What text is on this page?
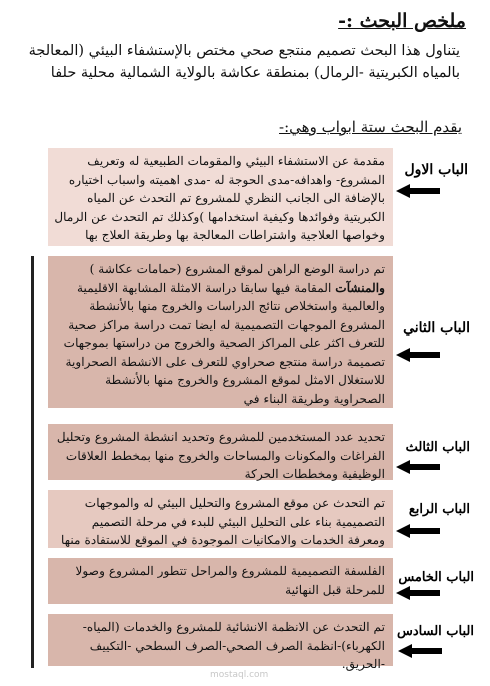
ملخص البحث :-
يتناول هذا البحث تصميم منتجع صحي مختص بالإستشفاء البيئي (المعالجة بالمياه الكبريتية -الرمال) بمنطقة عكاشة بالولاية الشمالية محلية حلفا
يقدم البحث ستة ابواب وهي:-
مقدمة عن الاستشفاء البيئي والمقومات الطبيعية له وتعريف المشروع- واهدافه-مدى الحوجة له -مدى اهميته واسباب اختياره بالإضافة الى الجانب النظري للمشروع تم التحدث عن المياه الكبريتية وفوائدها وكيفية استخدامها )وكذلك تم التحدث عن الرمال وخواصها العلاجية واشتراطات المعالجة بها وطريقة العلاج بها
الباب الاول
تم دراسة الوضع الراهن لموقع المشروع (حمامات عكاشة ) والمنشآت المقامة فيها سابقا دراسة الامثلة المشابهة الاقليمية والعالمية واستخلاص نتائج الدراسات والخروج منها بالأنشطة المشروع الموجهات التصميمية له ايضا تمت دراسة مراكز صحية للتعرف اكثر على المراكز الصحية والخروج من دراستها بموجهات تصميمة دراسة منتجع صحراوي للتعرف على الانشطة الصحراوية للاستغلال الامثل لموقع المشروع والخروج منها بالأنشطة الصحراوية وطريقة البناء في
الباب الثاني
تحديد عدد المستخدمين للمشروع وتحديد انشطة المشروع وتحليل الفراغات والمكونات والمساحات والخروج منها بمخطط العلاقات الوظيفية ومخططات الحركة
الباب الثالث
تم التحدث عن موقع المشروع والتحليل البيئي له والموجهات التصميمية بناء على التحليل البيئي للبدء في مرحلة التصميم ومعرفة الخدمات والامكانيات الموجودة في الموقع للاستفادة منها
الباب الرابع
الفلسفة التصميمية للمشروع والمراحل تتطور المشروع وصولا للمرحلة قبل النهائية
الباب الخامس
تم التحدث عن الانظمة الانشائية للمشروع والخدمات (المياه-الكهرباء)-انظمة الصرف الصحي-الصرف السطحي -التكييف -الحريق.
الباب السادس
mostaql.com
